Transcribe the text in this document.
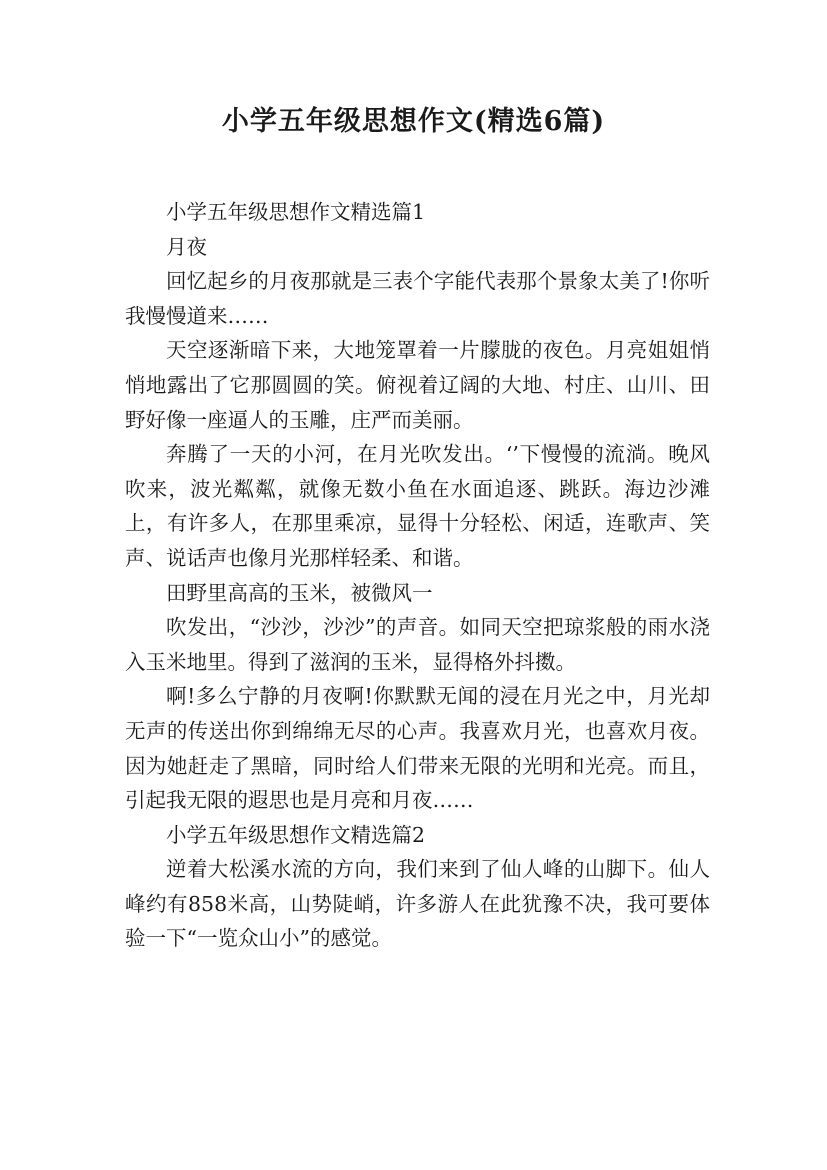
小学五年级思想作文(精选6篇)

小学五年级思想作文精选篇1

月夜

回忆起乡的月夜那就是三表个字能代表那个景象太美了!你听我慢慢道来……

天空逐渐暗下来，大地笼罩着一片朦胧的夜色。月亮姐姐悄悄地露出了它那圆圆的笑。俯视着辽阔的大地、村庄、山川、田野好像一座逼人的玉雕，庄严而美丽。

奔腾了一天的小河，在月光吹发出。‘’下慢慢的流淌。晚风吹来，波光粼粼，就像无数小鱼在水面追逐、跳跃。海边沙滩上，有许多人，在那里乘凉，显得十分轻松、闲适，连歌声、笑声、说话声也像月光那样轻柔、和谐。

田野里高高的玉米，被微风一

吹发出，“沙沙，沙沙”的声音。如同天空把琼浆般的雨水浇入玉米地里。得到了滋润的玉米，显得格外抖擞。

啊!多么宁静的月夜啊!你默默无闻的浸在月光之中，月光却无声的传送出你到绵绵无尽的心声。我喜欢月光，也喜欢月夜。因为她赶走了黑暗，同时给人们带来无限的光明和光亮。而且，引起我无限的遐思也是月亮和月夜……

小学五年级思想作文精选篇2

逆着大松溪水流的方向，我们来到了仙人峰的山脚下。仙人峰约有858米高，山势陡峭，许多游人在此犹豫不决，我可要体验一下“一览众山小”的感觉。
